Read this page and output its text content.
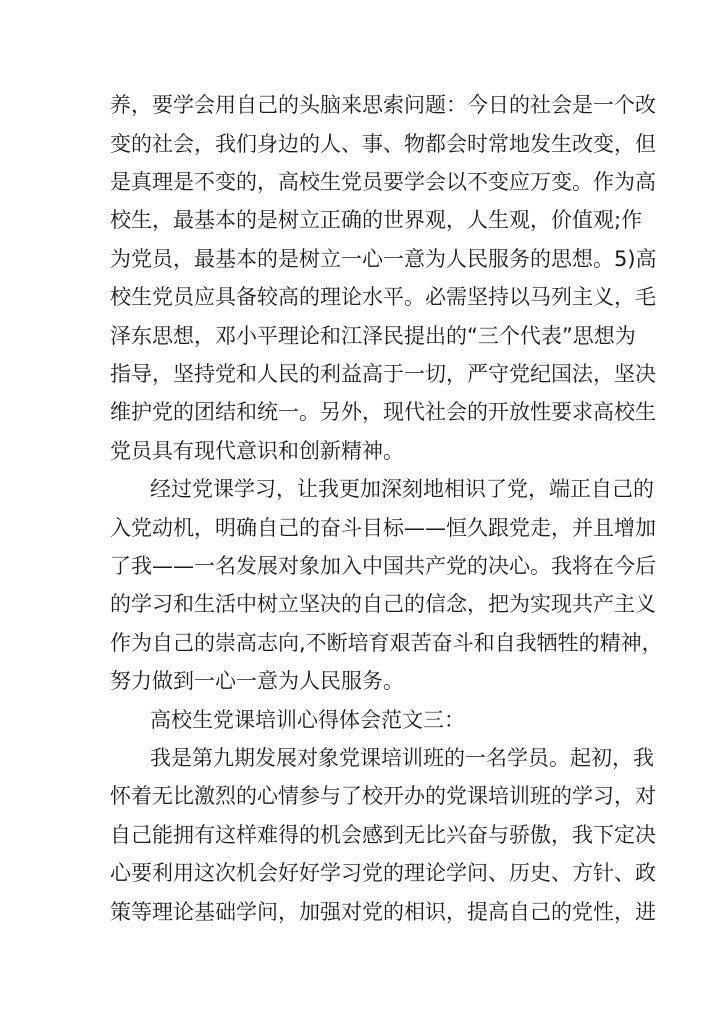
养，要学会用自己的头脑来思索问题：今日的社会是一个改

变的社会，我们身边的人、事、物都会时常地发生改变，但

是真理是不变的，高校生党员要学会以不变应万变。作为高

校生，最基本的是树立正确的世界观，人生观，价值观;作

为党员，最基本的是树立一心一意为人民服务的思想。5)高

校生党员应具备较高的理论水平。必需坚持以马列主义，毛

泽东思想，邓小平理论和江泽民提出的“三个代表”思想为

指导，坚持党和人民的利益高于一切，严守党纪国法，坚决

维护党的团结和统一。另外，现代社会的开放性要求高校生

党员具有现代意识和创新精神。

经过党课学习，让我更加深刻地相识了党，端正自己的

入党动机，明确自己的奋斗目标——恒久跟党走，并且增加

了我——一名发展对象加入中国共产党的决心。我将在今后

的学习和生活中树立坚决的自己的信念，把为实现共产主义

作为自己的崇高志向,不断培育艰苦奋斗和自我牺牲的精神，

努力做到一心一意为人民服务。

高校生党课培训心得体会范文三：

我是第九期发展对象党课培训班的一名学员。起初，我

怀着无比激烈的心情参与了校开办的党课培训班的学习，对

自己能拥有这样难得的机会感到无比兴奋与骄傲，我下定决

心要利用这次机会好好学习党的理论学问、历史、方针、政

策等理论基础学问，加强对党的相识，提高自己的党性，进
